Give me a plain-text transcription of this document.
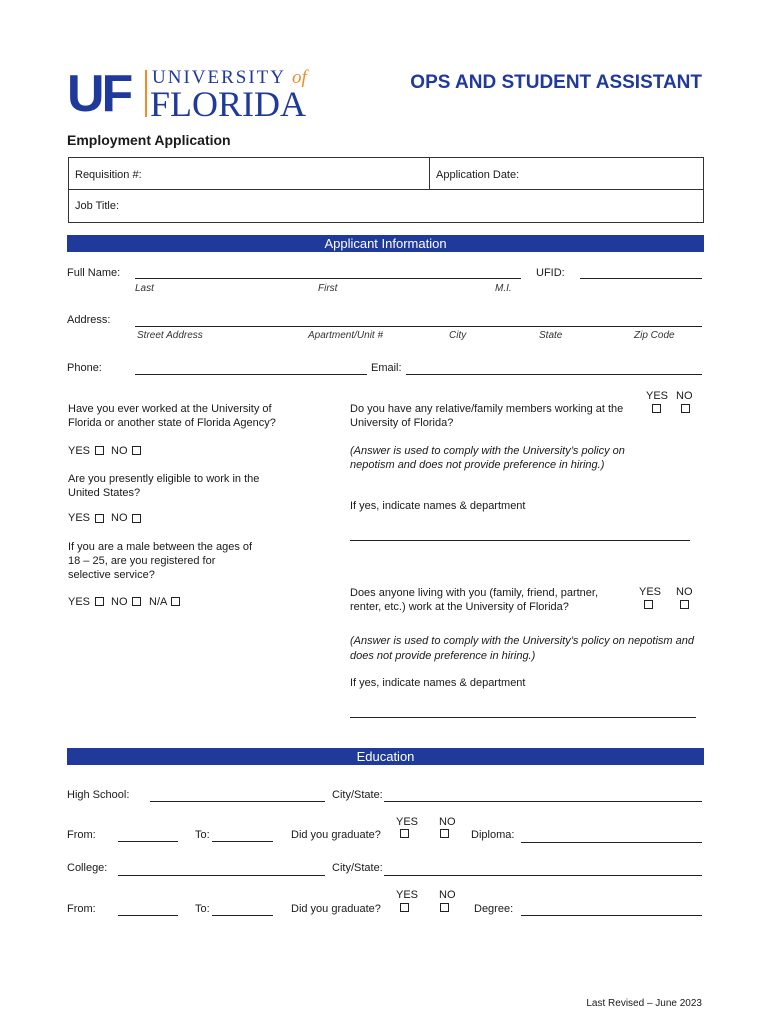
UF UNIVERSITY of
FLORIDA
OPS AND STUDENT ASSISTANT
Employment Application
Requisition #:	Application Date:
Job Title:
Applicant Information
Full Name:	UFID:
Last	First	M.I.
Address:
Street Address	Apartment/Unit #	City	State	Zip Code
Phone:	Email:
Have you ever worked at the University of Florida or another state of Florida Agency?
YES NO
Are you presently eligible to work in the United States?
YES NO
If you are a male between the ages of 18 – 25, are you registered for selective service?
YES NO N/A
YES NO
Do you have any relative/family members working at the University of Florida?
(Answer is used to comply with the University’s policy on nepotism and does not provide preference in hiring.)
If yes, indicate names & department
Does anyone living with you (family, friend, partner, renter, etc.) work at the University of Florida?
YES NO
(Answer is used to comply with the University’s policy on nepotism and does not provide preference in hiring.)
If yes, indicate names & department
Education
High School:	City/State:
YES NO
From:	To:	Did you graduate?	Diploma:
College:	City/State:
YES NO
From:	To:	Did you graduate?	Degree:
Last Revised – June 2023
